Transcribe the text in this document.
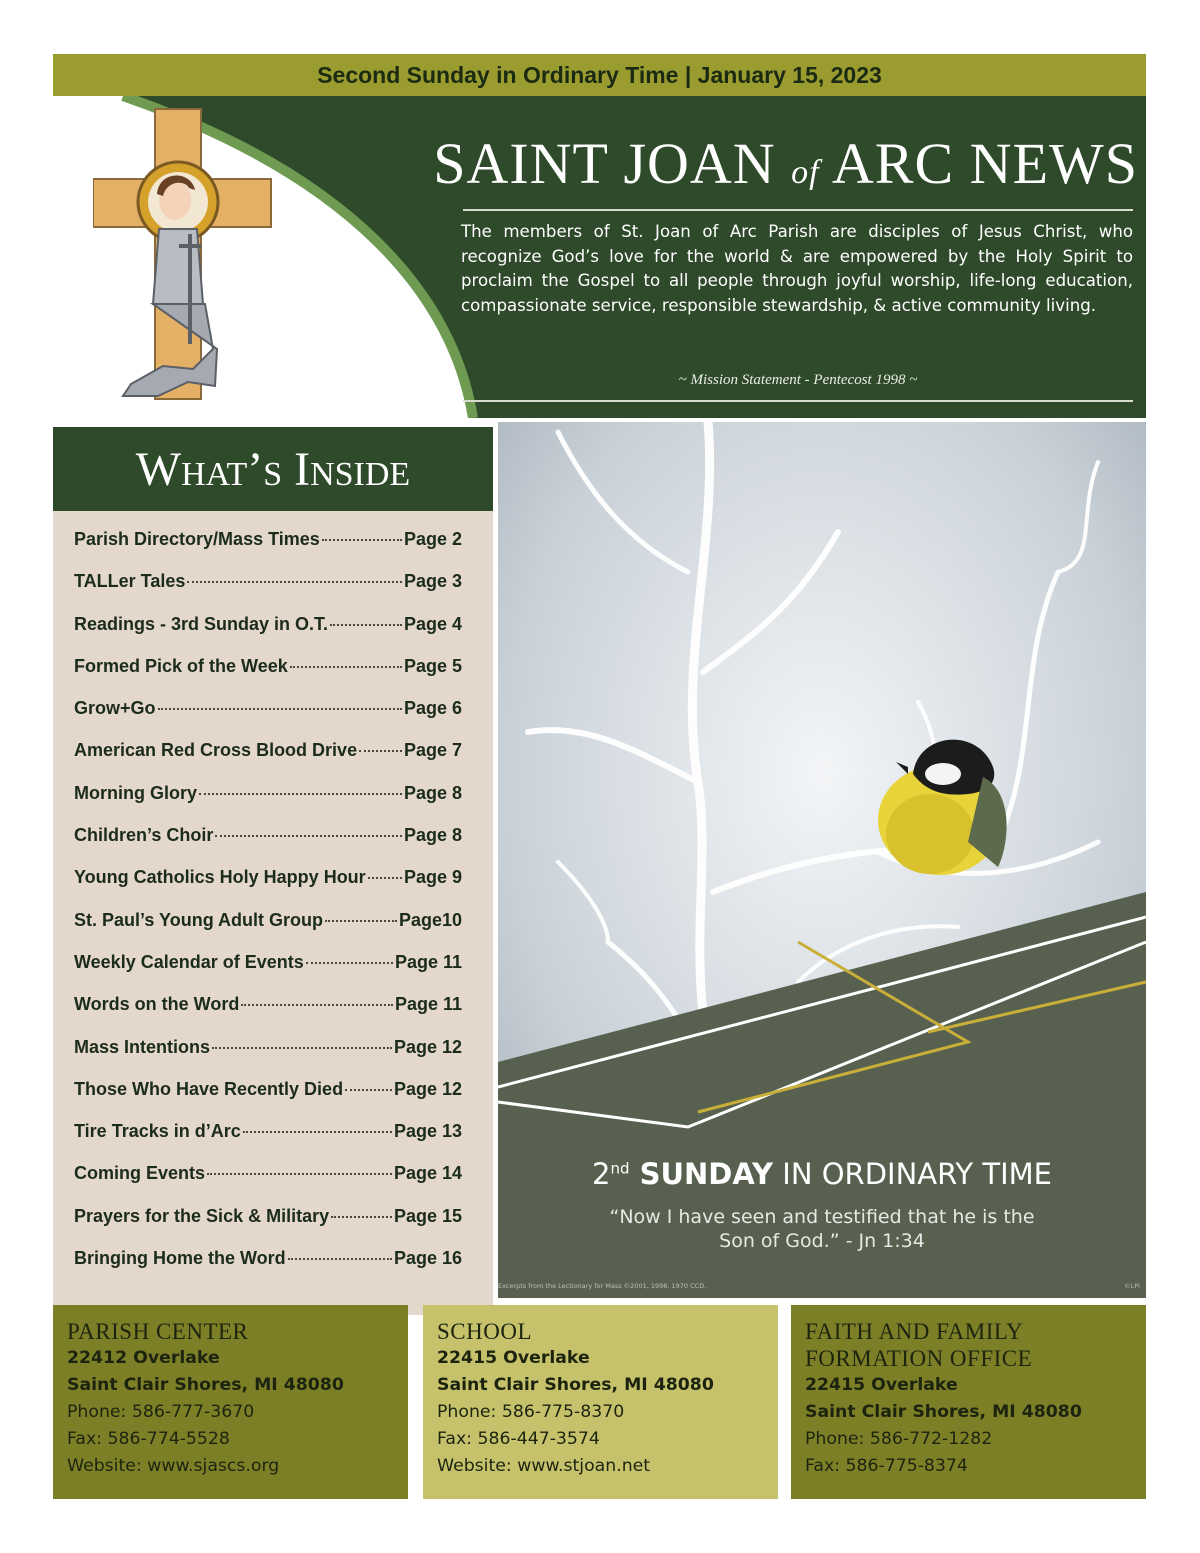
Second Sunday in Ordinary Time | January 15, 2023
SAINT JOAN of ARC NEWS

The members of St. Joan of Arc Parish are disciples of Jesus Christ, who recognize God’s love for the world & are empowered by the Holy Spirit to proclaim the Gospel to all people through joyful worship, life-long education, compassionate service, responsible stewardship, & active community living.

~ Mission Statement - Pentecost 1998 ~
What’s Inside
Parish Directory/Mass Times	Page 2
TALLer Tales	Page 3
Readings - 3rd Sunday in O.T.	Page 4
Formed Pick of the Week	Page 5
Grow+Go	Page 6
American Red Cross Blood Drive	Page 7
Morning Glory	Page 8
Children’s Choir	Page 8
Young Catholics Holy Happy Hour Page 9
St. Paul’s Young Adult Group	Page10
Weekly Calendar of Events	Page 11
Words on the Word	Page 11
Mass Intentions	Page 12
Those Who Have Recently Died	Page 12
Tire Tracks in d’Arc	Page 13
Coming Events	Page 14
Prayers for the Sick & Military	Page 15
Bringing Home the Word	Page 16
2nd SUNDAY IN ORDINARY TIME
“Now I have seen and testified that he is the
Son of God.” - Jn 1:34
Excerpts from the Lectionary for Mass ©2001, 1998, 1970 CCD.	©LPi
PARISH CENTER
22412 Overlake
Saint Clair Shores, MI 48080
Phone: 586-777-3670
Fax: 586-774-5528
Website: www.sjascs.org
SCHOOL
22415 Overlake
Saint Clair Shores, MI 48080
Phone: 586-775-8370
Fax: 586-447-3574
Website: www.stjoan.net
FAITH AND FAMILY
FORMATION OFFICE
22415 Overlake
Saint Clair Shores, MI 48080
Phone: 586-772-1282
Fax: 586-775-8374
